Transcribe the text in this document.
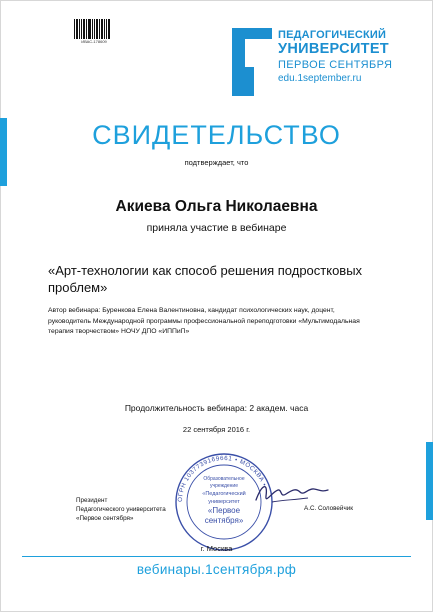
ИВАС-178609
ПЕДАГОГИЧЕСКИЙ
УНИВЕРСИТЕТ
ПЕРВОЕ СЕНТЯБРЯ
edu.1september.ru
СВИДЕТЕЛЬСТВО
подтверждает, что
Акиева Ольга Николаевна
приняла участие в вебинаре
«Арт-технологии как способ решения подростковых проблем»
Автор вебинара: Буренкова Елена Валентиновна, кандидат психологических наук, доцент,
руководитель Международной программы профессиональной переподготовки «Мультимодальная
терапия творчеством» НОЧУ ДПО «ИППиП»
Продолжительность вебинара: 2 академ. часа
22 сентября 2016 г.
Президент
Педагогического университета
«Первое сентября»
ОГРН 1037739169661 • МОСКВА •
Образовательное
учреждение
«Педагогический
университет
«Первое
сентября»
А.С. Соловейчик
г. Москва
вебинары.1сентября.рф
